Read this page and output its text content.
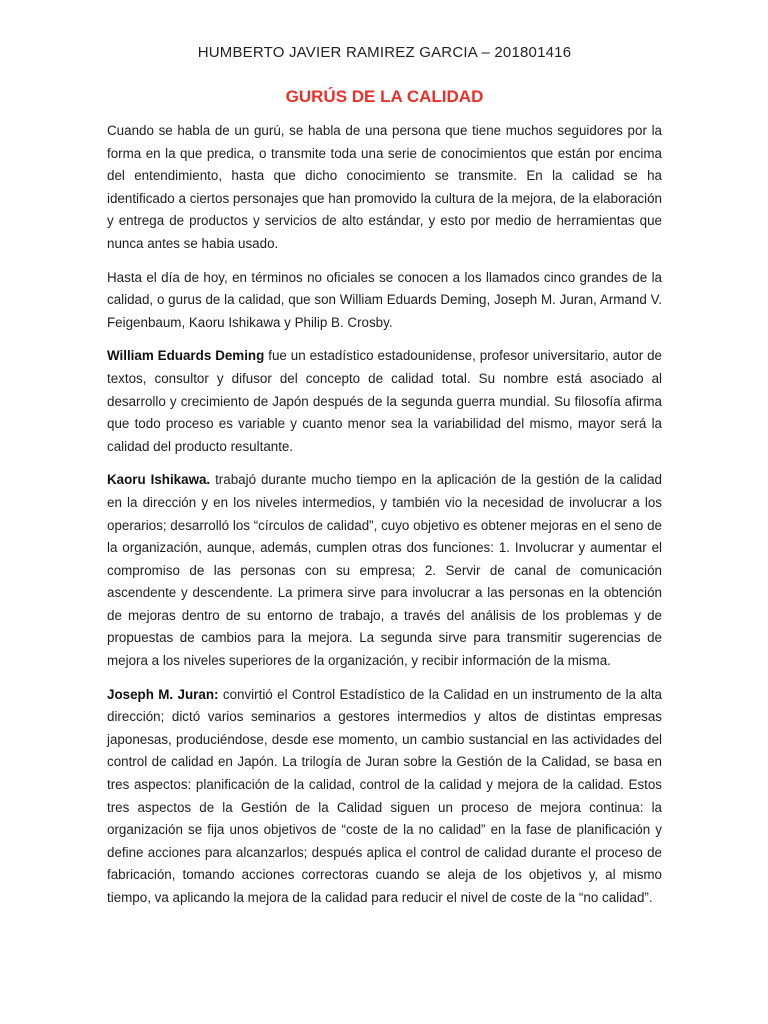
HUMBERTO JAVIER RAMIREZ GARCIA – 201801416
GURÚS DE LA CALIDAD

Cuando se habla de un gurú, se habla de una persona que tiene muchos seguidores por la forma en la que predica, o transmite toda una serie de conocimientos que están por encima del entendimiento, hasta que dicho conocimiento se transmite. En la calidad se ha identificado a ciertos personajes que han promovido la cultura de la mejora, de la elaboración y entrega de productos y servicios de alto estándar, y esto por medio de herramientas que nunca antes se habia usado.

Hasta el día de hoy, en términos no oficiales se conocen a los llamados cinco grandes de la calidad, o gurus de la calidad, que son William Eduards Deming, Joseph M. Juran, Armand V. Feigenbaum, Kaoru Ishikawa y Philip B. Crosby.

William Eduards Deming fue un estadístico estadounidense, profesor universitario, autor de textos, consultor y difusor del concepto de calidad total. Su nombre está asociado al desarrollo y crecimiento de Japón después de la segunda guerra mundial. Su filosofía afirma que todo proceso es variable y cuanto menor sea la variabilidad del mismo, mayor será la calidad del producto resultante.

Kaoru Ishikawa. trabajó durante mucho tiempo en la aplicación de la gestión de la calidad en la dirección y en los niveles intermedios, y también vio la necesidad de involucrar a los operarios; desarrolló los “círculos de calidad”, cuyo objetivo es obtener mejoras en el seno de la organización, aunque, además, cumplen otras dos funciones: 1. Involucrar y aumentar el compromiso de las personas con su empresa; 2. Servir de canal de comunicación ascendente y descendente. La primera sirve para involucrar a las personas en la obtención de mejoras dentro de su entorno de trabajo, a través del análisis de los problemas y de propuestas de cambios para la mejora. La segunda sirve para transmitir sugerencias de mejora a los niveles superiores de la organización, y recibir información de la misma.

Joseph M. Juran: convirtió el Control Estadístico de la Calidad en un instrumento de la alta dirección; dictó varios seminarios a gestores intermedios y altos de distintas empresas japonesas, produciéndose, desde ese momento, un cambio sustancial en las actividades del control de calidad en Japón. La trilogía de Juran sobre la Gestión de la Calidad, se basa en tres aspectos: planificación de la calidad, control de la calidad y mejora de la calidad. Estos tres aspectos de la Gestión de la Calidad siguen un proceso de mejora continua: la organización se fija unos objetivos de “coste de la no calidad” en la fase de planificación y define acciones para alcanzarlos; después aplica el control de calidad durante el proceso de fabricación, tomando acciones correctoras cuando se aleja de los objetivos y, al mismo tiempo, va aplicando la mejora de la calidad para reducir el nivel de coste de la “no calidad”.
